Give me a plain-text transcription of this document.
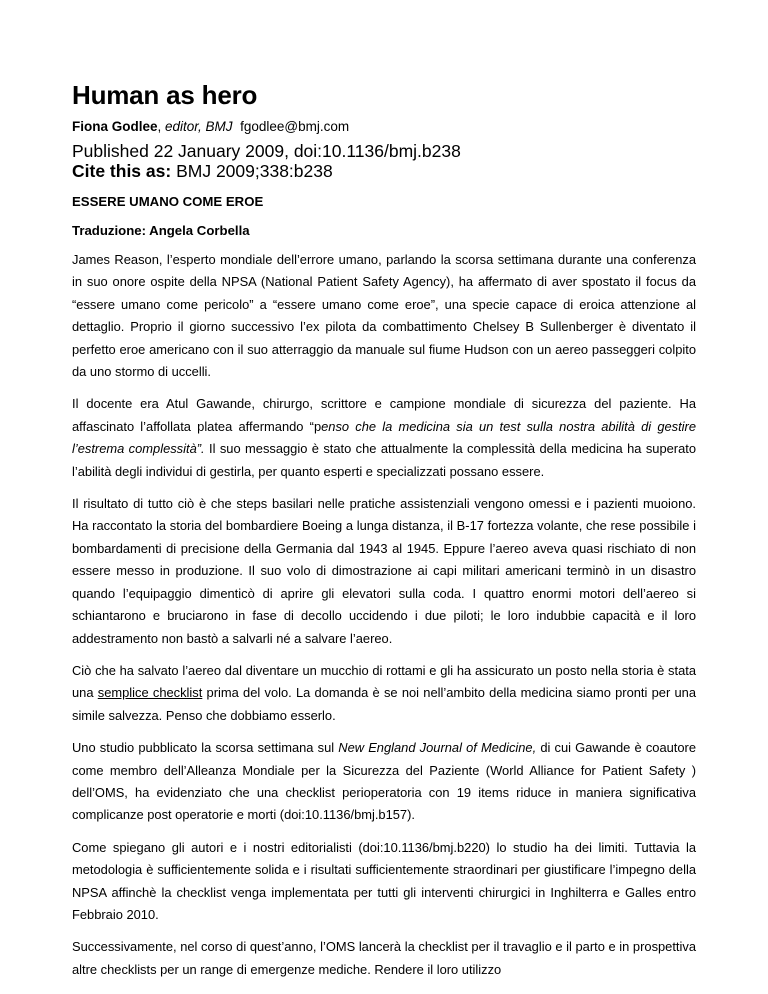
Human as hero
Fiona Godlee, editor, BMJ fgodlee@bmj.com
Published 22 January 2009, doi:10.1136/bmj.b238
Cite this as: BMJ 2009;338:b238
ESSERE UMANO COME EROE
Traduzione: Angela Corbella

James Reason, l’esperto mondiale dell’errore umano, parlando la scorsa settimana durante una conferenza in suo onore ospite della NPSA (National Patient Safety Agency), ha affermato di aver spostato il focus da “essere umano come pericolo” a “essere umano come eroe”, una specie capace di eroica attenzione al dettaglio. Proprio il giorno successivo l’ex pilota da combattimento Chelsey B Sullenberger è diventato il perfetto eroe americano con il suo atterraggio da manuale sul fiume Hudson con un aereo passeggeri colpito da uno stormo di uccelli.

Il docente era Atul Gawande, chirurgo, scrittore e campione mondiale di sicurezza del paziente. Ha affascinato l’affollata platea affermando “penso che la medicina sia un test sulla nostra abilità di gestire l’estrema complessità”. Il suo messaggio è stato che attualmente la complessità della medicina ha superato l’abilità degli individui di gestirla, per quanto esperti e specializzati possano essere.

Il risultato di tutto ciò è che steps basilari nelle pratiche assistenziali vengono omessi e i pazienti muoiono. Ha raccontato la storia del bombardiere Boeing a lunga distanza, il B-17 fortezza volante, che rese possibile i bombardamenti di precisione della Germania dal 1943 al 1945. Eppure l’aereo aveva quasi rischiato di non essere messo in produzione. Il suo volo di dimostrazione ai capi militari americani terminò in un disastro quando l’equipaggio dimenticò di aprire gli elevatori sulla coda. I quattro enormi motori dell’aereo si schiantarono e bruciarono in fase di decollo uccidendo i due piloti; le loro indubbie capacità e il loro addestramento non bastò a salvarli né a salvare l’aereo.

Ciò che ha salvato l’aereo dal diventare un mucchio di rottami e gli ha assicurato un posto nella storia è stata una semplice checklist prima del volo. La domanda è se noi nell’ambito della medicina siamo pronti per una simile salvezza. Penso che dobbiamo esserlo.

Uno studio pubblicato la scorsa settimana sul New England Journal of Medicine, di cui Gawande è coautore come membro dell’Alleanza Mondiale per la Sicurezza del Paziente (World Alliance for Patient Safety ) dell’OMS, ha evidenziato che una checklist perioperatoria con 19 items riduce in maniera significativa complicanze post operatorie e morti (doi:10.1136/bmj.b157).

Come spiegano gli autori e i nostri editorialisti (doi:10.1136/bmj.b220) lo studio ha dei limiti. Tuttavia la metodologia è sufficientemente solida e i risultati sufficientemente straordinari per giustificare l’impegno della NPSA affinchè la checklist venga implementata per tutti gli interventi chirurgici in Inghilterra e Galles entro Febbraio 2010.

Successivamente, nel corso di quest’anno, l’OMS lancerà la checklist per il travaglio e il parto e in prospettiva altre checklists per un range di emergenze mediche. Rendere il loro utilizzo
